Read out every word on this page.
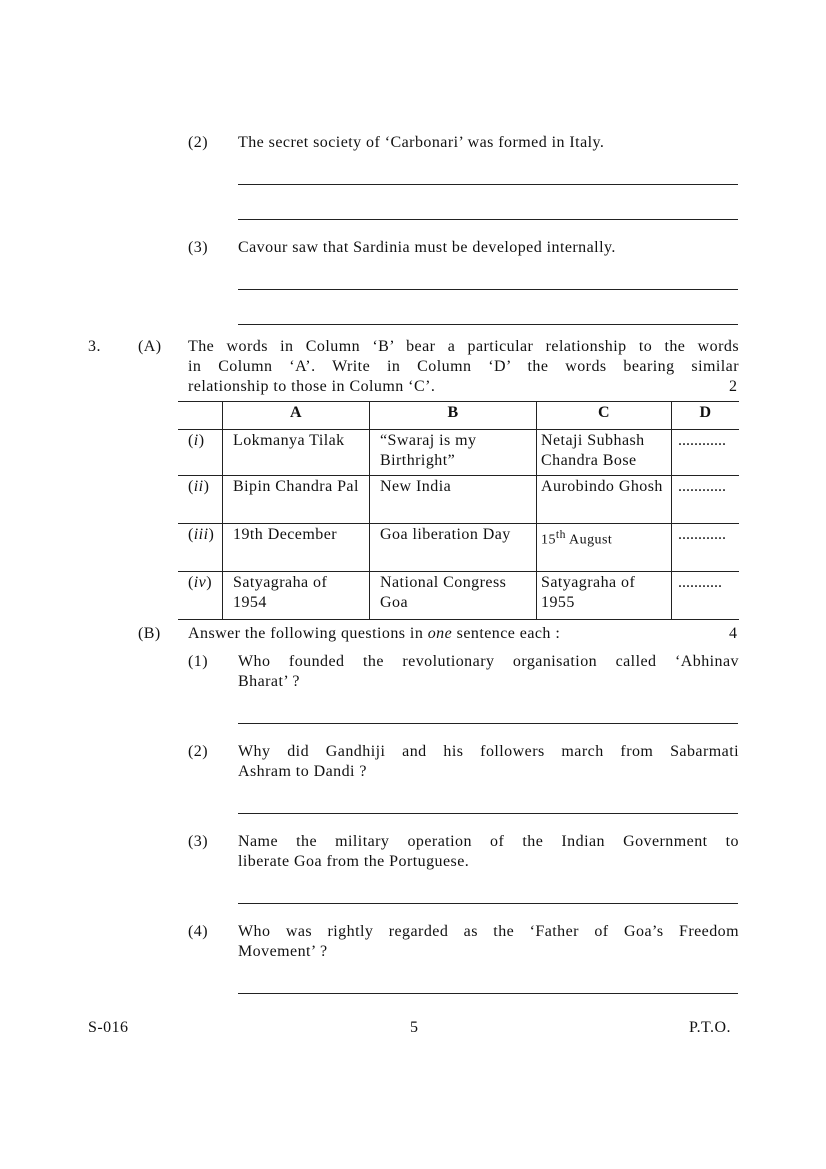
(2) The secret society of ‘Carbonari’ was formed in Italy.
(3) Cavour saw that Sardinia must be developed internally.
3. (A) The words in Column ‘B’ bear a particular relationship to the words
in Column ‘A’. Write in Column ‘D’ the words bearing similar
relationship to those in Column ‘C’.	2
	A	B	C	D
(i)	Lokmanya Tilak	“Swaraj is my Birthright”	Netaji Subhash Chandra Bose	............
(ii)	Bipin Chandra Pal	New India	Aurobindo Ghosh	............
(iii)	19th December	Goa liberation Day	15th August	............
(iv)	Satyagraha of 1954	National Congress Goa	Satyagraha of 1955	...........
(B) Answer the following questions in one sentence each :	4
(1) Who founded the revolutionary organisation called ‘Abhinav
Bharat’ ?
(2) Why did Gandhiji and his followers march from Sabarmati
Ashram to Dandi ?
(3) Name the military operation of the Indian Government to
liberate Goa from the Portuguese.
(4) Who was rightly regarded as the ‘Father of Goa’s Freedom
Movement’ ?
S-016	5	P.T.O.
